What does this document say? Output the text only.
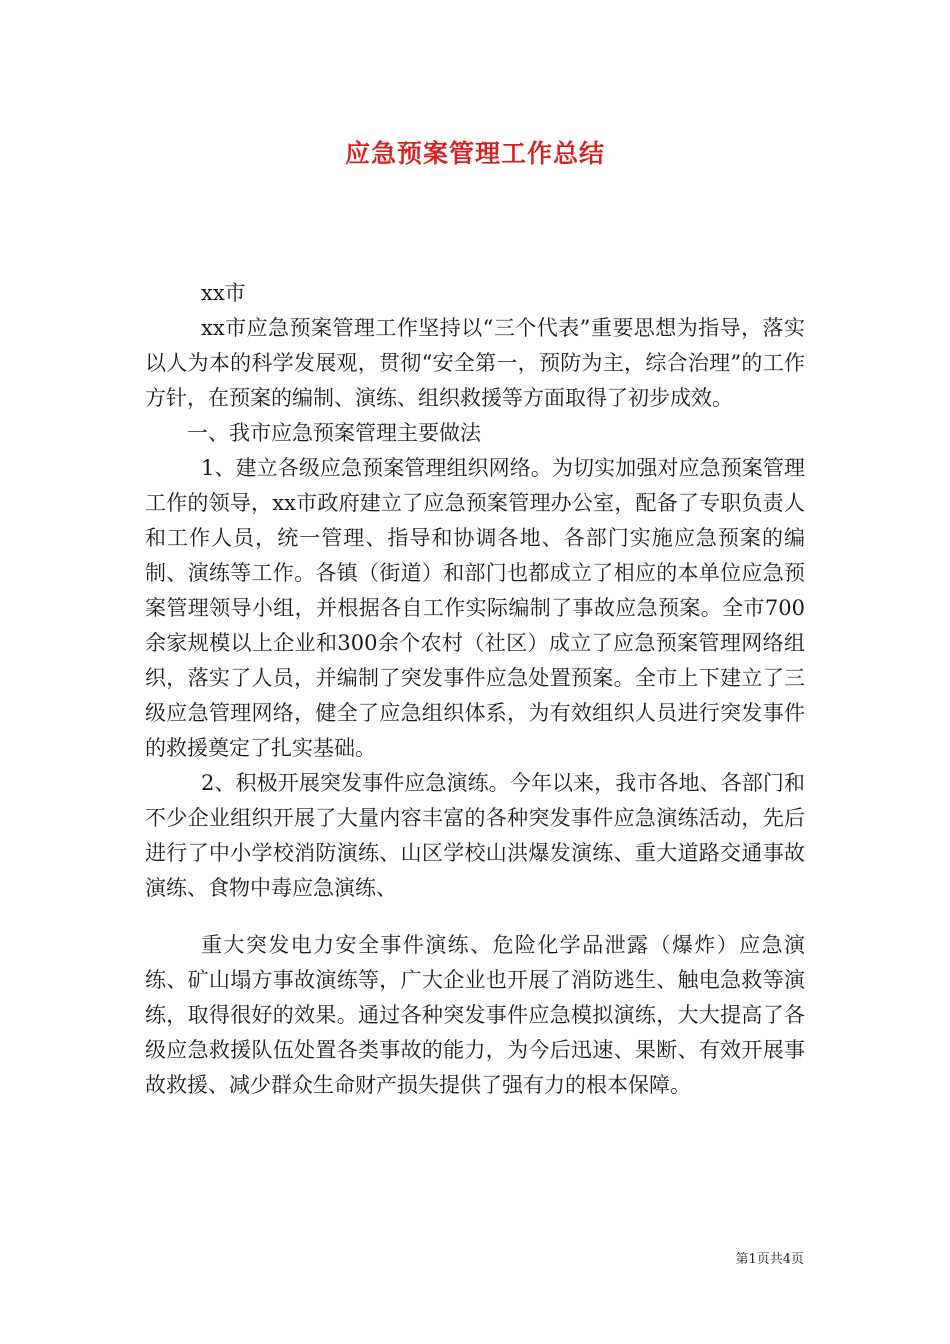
应急预案管理工作总结

xx市

xx市应急预案管理工作坚持以“三个代表”重要思想为指导，落实以人为本的科学发展观，贯彻“安全第一，预防为主，综合治理”的工作方针，在预案的编制、演练、组织救援等方面取得了初步成效。

一、我市应急预案管理主要做法

1、建立各级应急预案管理组织网络。为切实加强对应急预案管理工作的领导，xx市政府建立了应急预案管理办公室，配备了专职负责人和工作人员，统一管理、指导和协调各地、各部门实施应急预案的编制、演练等工作。各镇（街道）和部门也都成立了相应的本单位应急预案管理领导小组，并根据各自工作实际编制了事故应急预案。全市700余家规模以上企业和300余个农村（社区）成立了应急预案管理网络组织，落实了人员，并编制了突发事件应急处置预案。全市上下建立了三级应急管理网络，健全了应急组织体系，为有效组织人员进行突发事件的救援奠定了扎实基础。

2、积极开展突发事件应急演练。今年以来，我市各地、各部门和不少企业组织开展了大量内容丰富的各种突发事件应急演练活动，先后进行了中小学校消防演练、山区学校山洪爆发演练、重大道路交通事故演练、食物中毒应急演练、

重大突发电力安全事件演练、危险化学品泄露（爆炸）应急演练、矿山塌方事故演练等，广大企业也开展了消防逃生、触电急救等演练，取得很好的效果。通过各种突发事件应急模拟演练，大大提高了各级应急救援队伍处置各类事故的能力，为今后迅速、果断、有效开展事故救援、减少群众生命财产损失提供了强有力的根本保障。

第1页共4页
